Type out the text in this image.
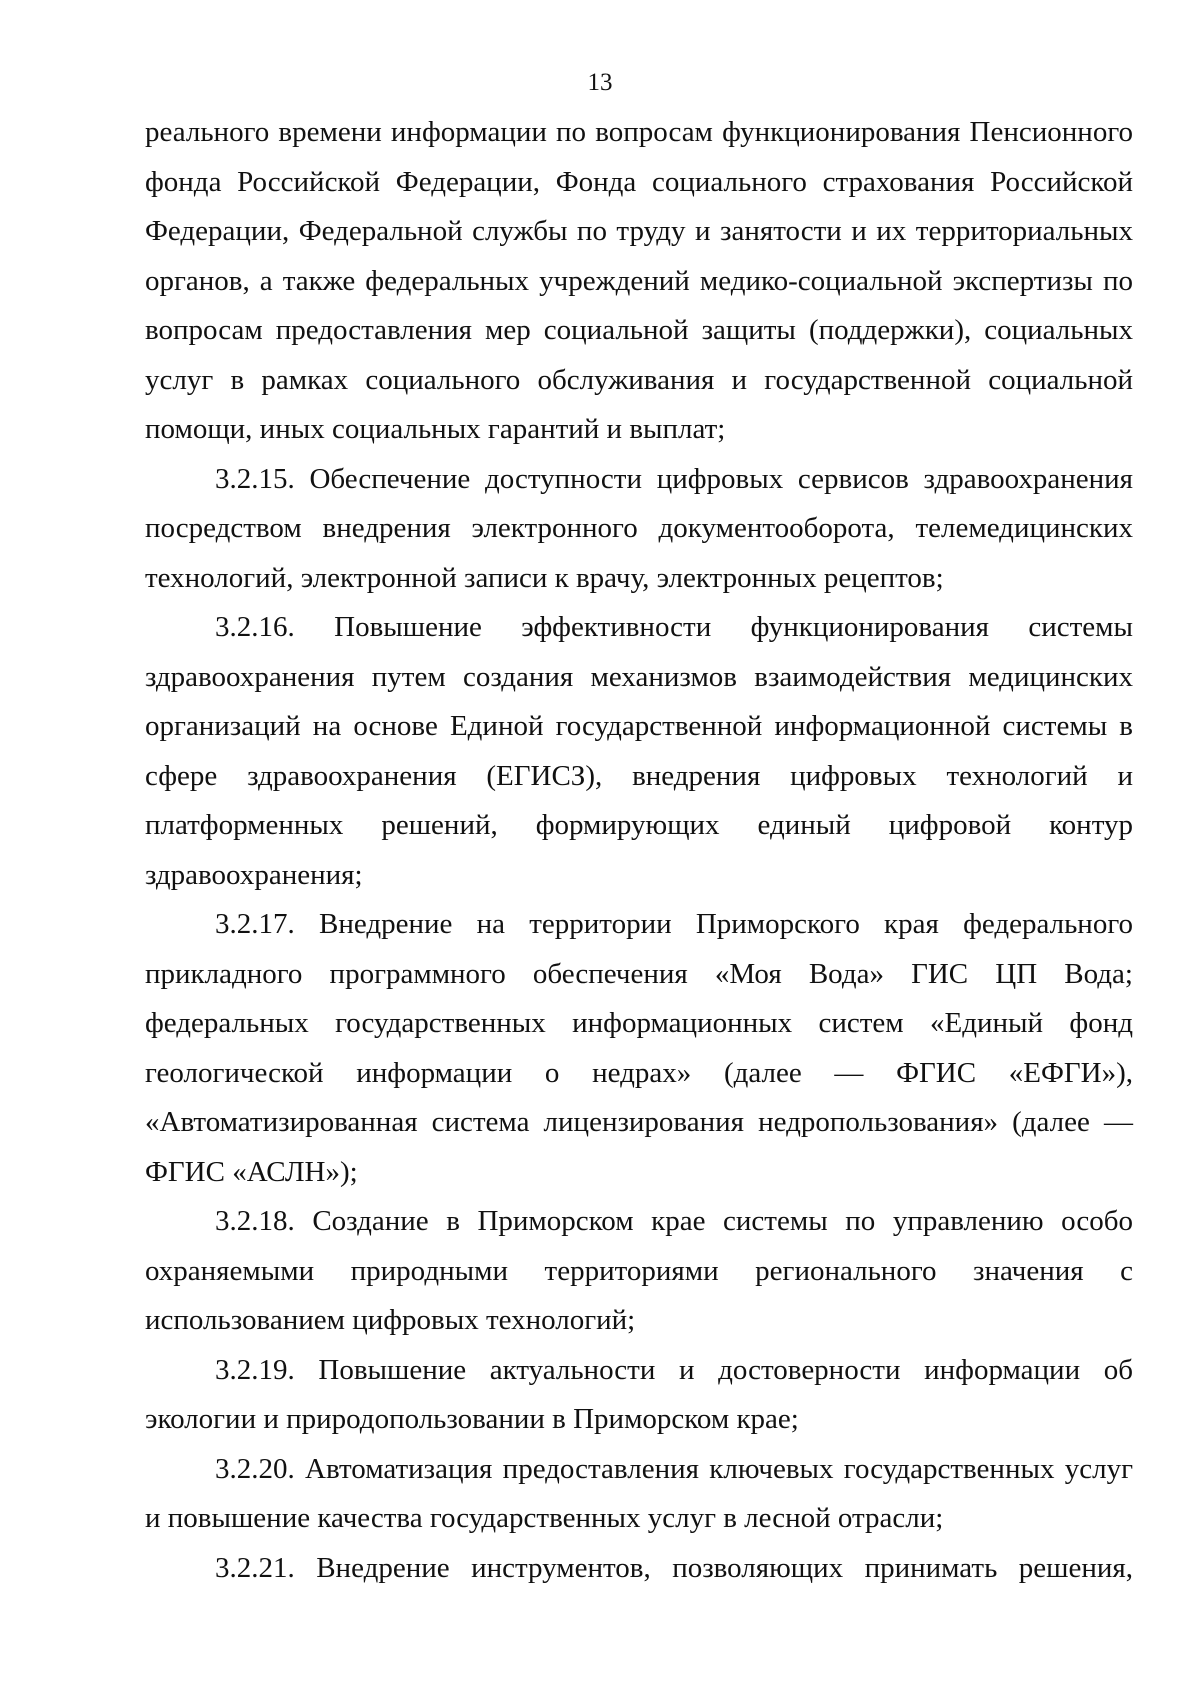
13

реального времени информации по вопросам функционирования Пенсионного фонда Российской Федерации, Фонда социального страхования Российской Федерации, Федеральной службы по труду и занятости и их территориальных органов, а также федеральных учреждений медико-социальной экспертизы по вопросам предоставления мер социальной защиты (поддержки), социальных услуг в рамках социального обслуживания и государственной социальной помощи, иных социальных гарантий и выплат;

3.2.15. Обеспечение доступности цифровых сервисов здравоохранения посредством внедрения электронного документооборота, телемедицинских технологий, электронной записи к врачу, электронных рецептов;

3.2.16. Повышение эффективности функционирования системы здравоохранения путем создания механизмов взаимодействия медицинских организаций на основе Единой государственной информационной системы в сфере здравоохранения (ЕГИСЗ), внедрения цифровых технологий и платформенных решений, формирующих единый цифровой контур здравоохранения;

3.2.17. Внедрение на территории Приморского края федерального прикладного программного обеспечения «Моя Вода» ГИС ЦП Вода; федеральных государственных информационных систем «Единый фонд геологической информации о недрах» (далее — ФГИС «ЕФГИ»), «Автоматизированная система лицензирования недропользования» (далее — ФГИС «АСЛН»);

3.2.18. Создание в Приморском крае системы по управлению особо охраняемыми природными территориями регионального значения с использованием цифровых технологий;

3.2.19. Повышение актуальности и достоверности информации об экологии и природопользовании в Приморском крае;

3.2.20. Автоматизация предоставления ключевых государственных услуг и повышение качества государственных услуг в лесной отрасли;

3.2.21. Внедрение инструментов, позволяющих принимать решения,
